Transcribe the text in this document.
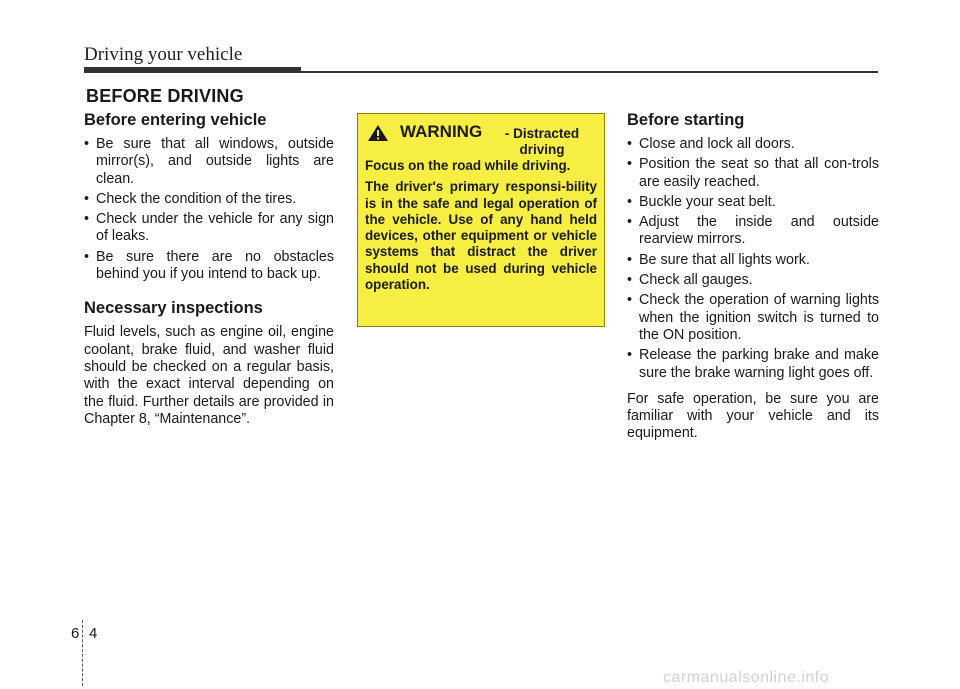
Driving your vehicle
BEFORE DRIVING
Before entering vehicle
• Be sure that all windows, outside mirror(s), and outside lights are clean.
• Check the condition of the tires.
• Check under the vehicle for any sign of leaks.
• Be sure there are no obstacles behind you if you intend to back up.
Necessary inspections

Fluid levels, such as engine oil, engine coolant, brake fluid, and washer fluid should be checked on a regular basis, with the exact interval depending on the fluid. Further details are provided in Chapter 8, “Maintenance”.

WARNING	- Distracted
driving

Focus on the road while driving.

The driver's primary responsi-bility is in the safe and legal operation of the vehicle. Use of any hand held devices, other equipment or vehicle systems that distract the driver should not be used during vehicle operation.

Before starting
• Close and lock all doors.
• Position the seat so that all con-trols are easily reached.
• Buckle your seat belt.
• Adjust the inside and outside rearview mirrors.
• Be sure that all lights work.
• Check all gauges.
• Check the operation of warning lights when the ignition switch is turned to the ON position.
• Release the parking brake and make sure the brake warning light goes off.

For safe operation, be sure you are familiar with your vehicle and its equipment.

6 4
carmanualsonline.info
